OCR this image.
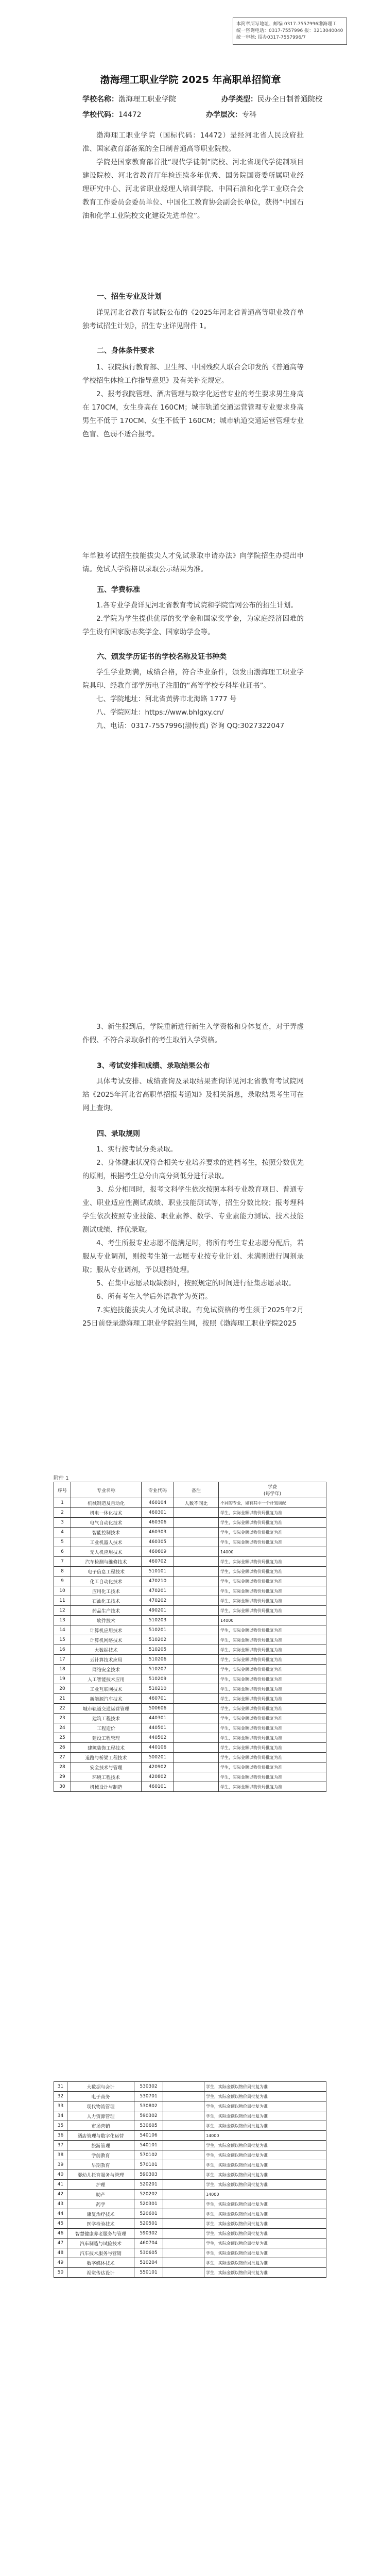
本简章所写地址、邮编 0317-7557996渤海理工
统一咨询电话：0317-7557996 报：3213040040
统一审核: 招办0317-7557996/7
渤海理工职业学院 2025 年高职单招简章
学校名称：渤海理工职业学院	办学类型：民办全日制普通院校
学校代码：14472	办学层次：专科

渤海理工职业学院（国标代码：14472）是经河北省人民政府批准、国家教育部备案的全日制普通高等职业院校。

学院是国家教育部首批“现代学徒制”院校、河北省现代学徒制项目建设院校、河北省教育厅年检连续多年优秀、国务院国资委所属职业经理研究中心、河北省职业经理人培训学院、中国石油和化学工业联合会教育工作委员会委员单位、中国化工教育协会副会长单位，获得“中国石油和化学工业院校文化建设先进单位”。

一、招生专业及计划

详见河北省教育考试院公布的《2025年河北省普通高等职业教育单独考试招生计划》，招生专业详见附件 1。

二、身体条件要求

1、我院执行教育部、卫生部、中国残疾人联合会印发的《普通高等学校招生体检工作指导意见》及有关补充规定。

2、报考我院管理、酒店管理与数字化运营专业的考生要求男生身高在 170CM，女生身高在 160CM；城市轨道交通运营管理专业要求身高男生不低于 170CM、女生不低于 160CM；城市轨道交通运营管理专业色盲、色弱不适合报考。

年单独考试招生技能拔尖人才免试录取申请办法》向学院招生办提出申请。免试人学资格以录取公示结果为准。

五、学费标准

1.各专业学费详见河北省教育考试院和学院官网公布的招生计划。

2.学院为学生提供优厚的奖学金和国家奖学金，为家庭经济困难的学生设有国家励志奖学金、国家助学金等。

六、颁发学历证书的学校名称及证书种类

学生学业期满，成绩合格，符合毕业条件，颁发由渤海理工职业学院具印、经教育部学历电子注册的“高等学校专科毕业证书”。

七、学院地址：河北省黄骅市北海路 1777 号

八、学院网址：https://www.bhlgxy.cn/

九、电话：0317-7557996(渤传真) 咨询 QQ:3027322047

3、新生报到后，学院重新进行新生入学资格和身体复查，对于弄虚作假、不符合录取条件的考生取消入学资格。

3、考试安排和成绩、录取结果公布

具体考试安排、成绩查询及录取结果查询详见河北省教育考试院网站《2025年河北省高职单招报考通知》及相关消息，录取结果考生可在网上查询。

四、录取规则

1、实行按考试分类录取。

2、身体健康状况符合相关专业培养要求的进档考生，按照分数优先的原则，根据考生总分由高分到低分进行录取。

3、总分相同时，报考文科学生依次按照本科专业教育项目、普通专业、职业适应性测试成绩、职业技能测试等，招生分数比较；报考理科学生依次按照专业技能、职业素养、数学、专业素能力测试、技术技能测试成绩、择优录取。

4、考生所报专业志愿不能满足时，将所有考生专业志愿分配后，若服从专业调剂，则按考生第一志愿专业按专业计划、未满则进行调剂录取；服从专业调剂，予以退档处理。

5、在集中志愿录取缺额时，按照规定的时间进行征集志愿录取。

6、所有考生入学后外语教学为英语。

7.实施技能拔尖人才免试录取。有免试资格的考生须于2025年2月25日前登录渤海理工职业学院招生网，按照《渤海理工职业学院2025

附件 1
序号	专业名称	专业代码	备注	学费
(每学年)
1	机械制造及自动化	460104	人数不同比	不同的专业，如有其中一个计划调配
2	机电一体化技术	460301		学生，实际金额以物价局批复为准
3	电气自动化技术	460306		学生，实际金额以物价局批复为准
4	智能控制技术	460303		学生，实际金额以物价局批复为准
5	工业机器人技术	460305		学生，实际金额以物价局批复为准
6	无人机应用技术	460609		14000
7	汽车检测与维修技术	460702		学生，实际金额以物价局批复为准
8	电子信息工程技术	510101		学生，实际金额以物价局批复为准
9	化工自动化技术	470210		学生，实际金额以物价局批复为准
10	应用化工技术	470201		学生，实际金额以物价局批复为准
11	石油化工技术	470202		学生，实际金额以物价局批复为准
12	药品生产技术	490201		学生，实际金额以物价局批复为准
13	软件技术	510203		14000
14	计算机应用技术	510201		学生，实际金额以物价局批复为准
15	计算机网络技术	510202		学生，实际金额以物价局批复为准
16	大数据技术	510205		学生，实际金额以物价局批复为准
17	云计算技术应用	510206		学生，实际金额以物价局批复为准
18	网络安全技术	510207		学生，实际金额以物价局批复为准
19	人工智能技术应用	510209		学生，实际金额以物价局批复为准
20	工业互联网技术	510210		学生，实际金额以物价局批复为准
21	新能源汽车技术	460701		学生，实际金额以物价局批复为准
22	城市轨道交通运营管理	500606		学生，实际金额以物价局批复为准
23	建筑工程技术	440301		学生，实际金额以物价局批复为准
24	工程造价	440501		学生，实际金额以物价局批复为准
25	建设工程管理	440502		学生，实际金额以物价局批复为准
26	建筑装饰工程技术	440106		学生，实际金额以物价局批复为准
27	道路与桥梁工程技术	500201		学生，实际金额以物价局批复为准
28	安全技术与管理	420902		学生，实际金额以物价局批复为准
29	环境工程技术	420802		学生，实际金额以物价局批复为准
30	机械设计与制造	460101		学生，实际金额以物价局批复为准
31	大数据与会计	530302		学生，实际金额以物价局批复为准
32	电子商务	530701		学生，实际金额以物价局批复为准
33	现代物流管理	530802		学生，实际金额以物价局批复为准
34	人力资源管理	590302		学生，实际金额以物价局批复为准
35	市场营销	530605		学生，实际金额以物价局批复为准
36	酒店管理与数字化运营	540106		14000
37	旅游管理	540101		学生，实际金额以物价局批复为准
38	学前教育	570102		学生，实际金额以物价局批复为准
39	早期教育	570101		学生，实际金额以物价局批复为准
40	婴幼儿托育服务与管理	590303		学生，实际金额以物价局批复为准
41	护理	520201		学生，实际金额以物价局批复为准
42	助产	520202		14000
43	药学	520301		学生，实际金额以物价局批复为准
44	康复治疗技术	520601		学生，实际金额以物价局批复为准
45	医学检验技术	520501		学生，实际金额以物价局批复为准
46	智慧健康养老服务与管理	590302		学生，实际金额以物价局批复为准
47	汽车制造与试验技术	460704		学生，实际金额以物价局批复为准
48	汽车技术服务与营销	530605		学生，实际金额以物价局批复为准
49	数字媒体技术	510204		学生，实际金额以物价局批复为准
50	视觉传达设计	550101		学生，实际金额以物价局批复为准
